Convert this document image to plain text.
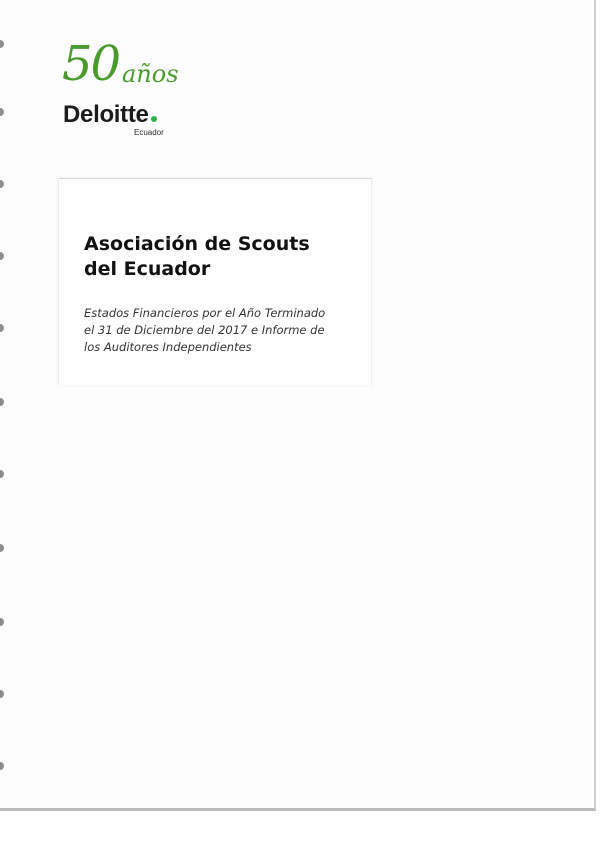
50 años
Deloitte
Ecuador
Asociación de Scouts
del Ecuador

Estados Financieros por el Año Terminado
el 31 de Diciembre del 2017 e Informe de
los Auditores Independientes
